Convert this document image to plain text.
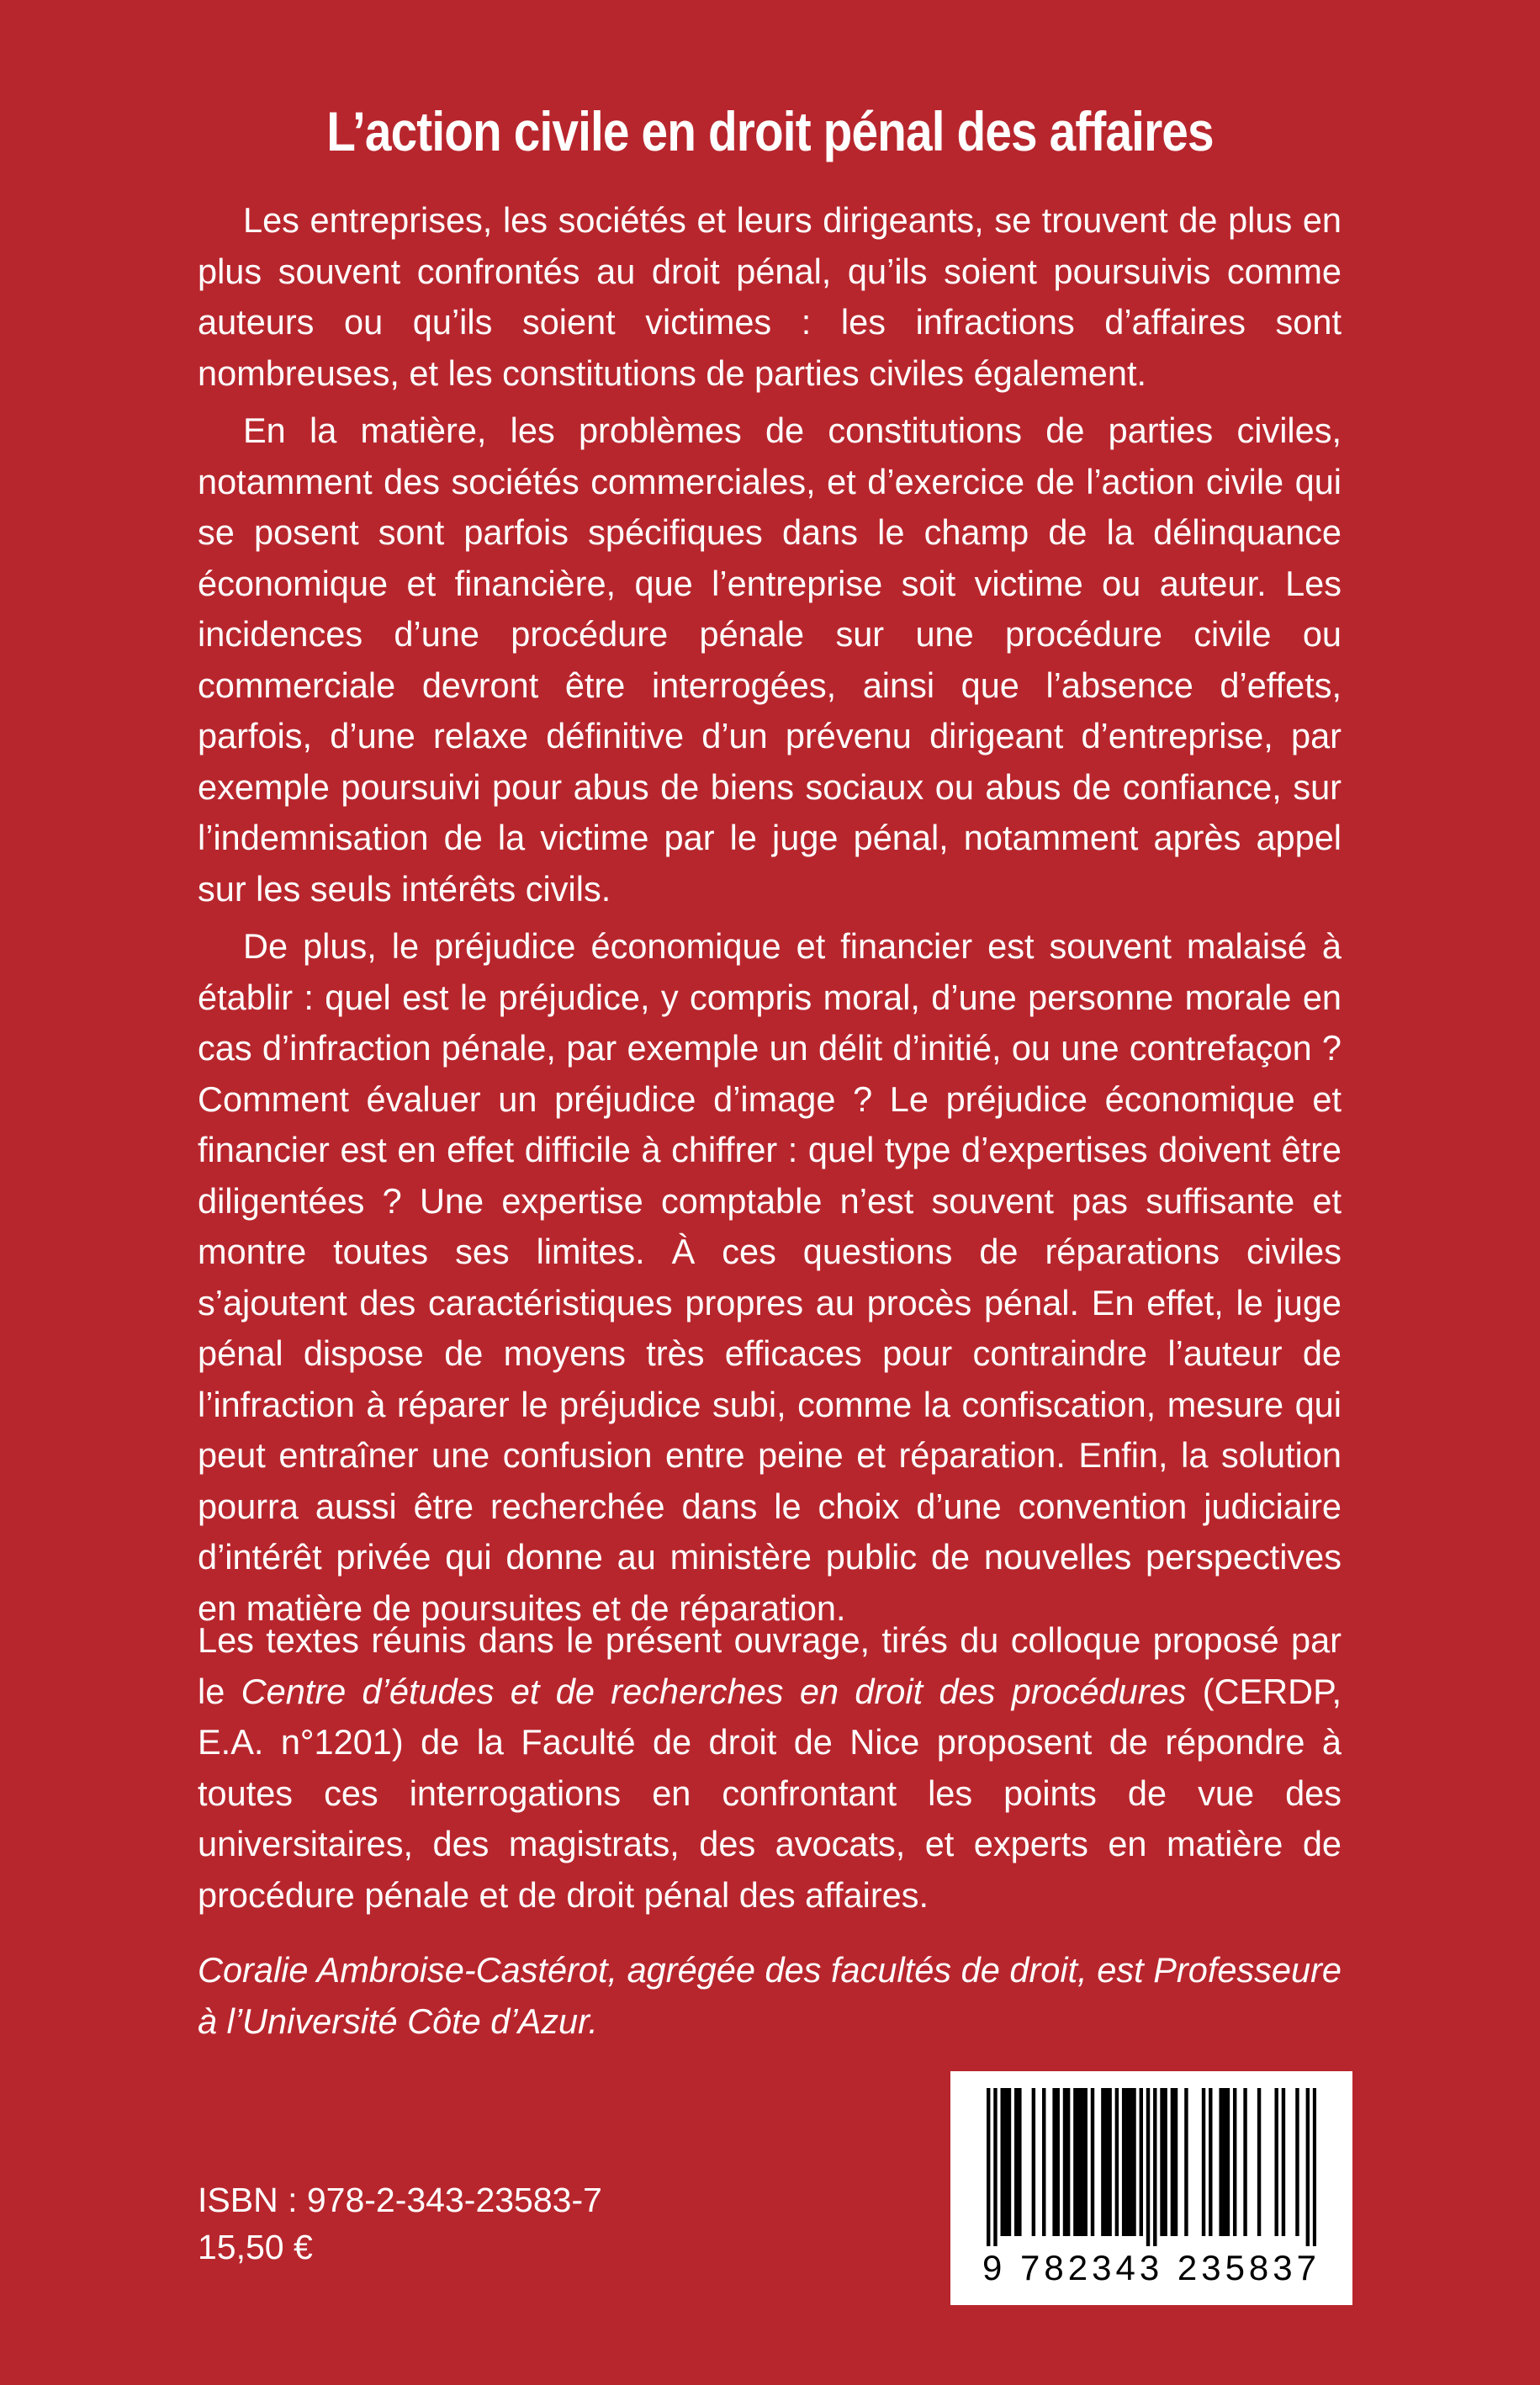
L’action civile en droit pénal des affaires

Les entreprises, les sociétés et leurs dirigeants, se trouvent de plus en plus souvent confrontés au droit pénal, qu’ils soient poursuivis comme auteurs ou qu’ils soient victimes : les infractions d’affaires sont nombreuses, et les constitutions de parties civiles également.

En la matière, les problèmes de constitutions de parties civiles, notamment des sociétés commerciales, et d’exercice de l’action civile qui se posent sont parfois spécifiques dans le champ de la délinquance économique et financière, que l’entreprise soit victime ou auteur. Les incidences d’une procédure pénale sur une procédure civile ou commerciale devront être interrogées, ainsi que l’absence d’effets, parfois, d’une relaxe définitive d’un prévenu dirigeant d’entreprise, par exemple poursuivi pour abus de biens sociaux ou abus de confiance, sur l’indemnisation de la victime par le juge pénal, notamment après appel sur les seuls intérêts civils.

De plus, le préjudice économique et financier est souvent malaisé à établir : quel est le préjudice, y compris moral, d’une personne morale en cas d’infraction pénale, par exemple un délit d’initié, ou une contrefaçon ? Comment évaluer un préjudice d’image ? Le préjudice économique et financier est en effet difficile à chiffrer : quel type d’expertises doivent être diligentées ? Une expertise comptable n’est souvent pas suffisante et montre toutes ses limites. À ces questions de réparations civiles s’ajoutent des caractéristiques propres au procès pénal. En effet, le juge pénal dispose de moyens très efficaces pour contraindre l’auteur de l’infraction à réparer le préjudice subi, comme la confiscation, mesure qui peut entraîner une confusion entre peine et réparation. Enfin, la solution pourra aussi être recherchée dans le choix d’une convention judiciaire d’intérêt privée qui donne au ministère public de nouvelles perspectives en matière de poursuites et de réparation.

Les textes réunis dans le présent ouvrage, tirés du colloque proposé par le Centre d’études et de recherches en droit des procédures (CERDP, E.A. n°1201) de la Faculté de droit de Nice proposent de répondre à toutes ces interrogations en confrontant les points de vue des universitaires, des magistrats, des avocats, et experts en matière de procédure pénale et de droit pénal des affaires.

Coralie Ambroise-Castérot, agrégée des facultés de droit, est Professeure à l’Université Côte d’Azur.

ISBN : 978-2-343-23583-7
15,50 €
9 782343 235837
